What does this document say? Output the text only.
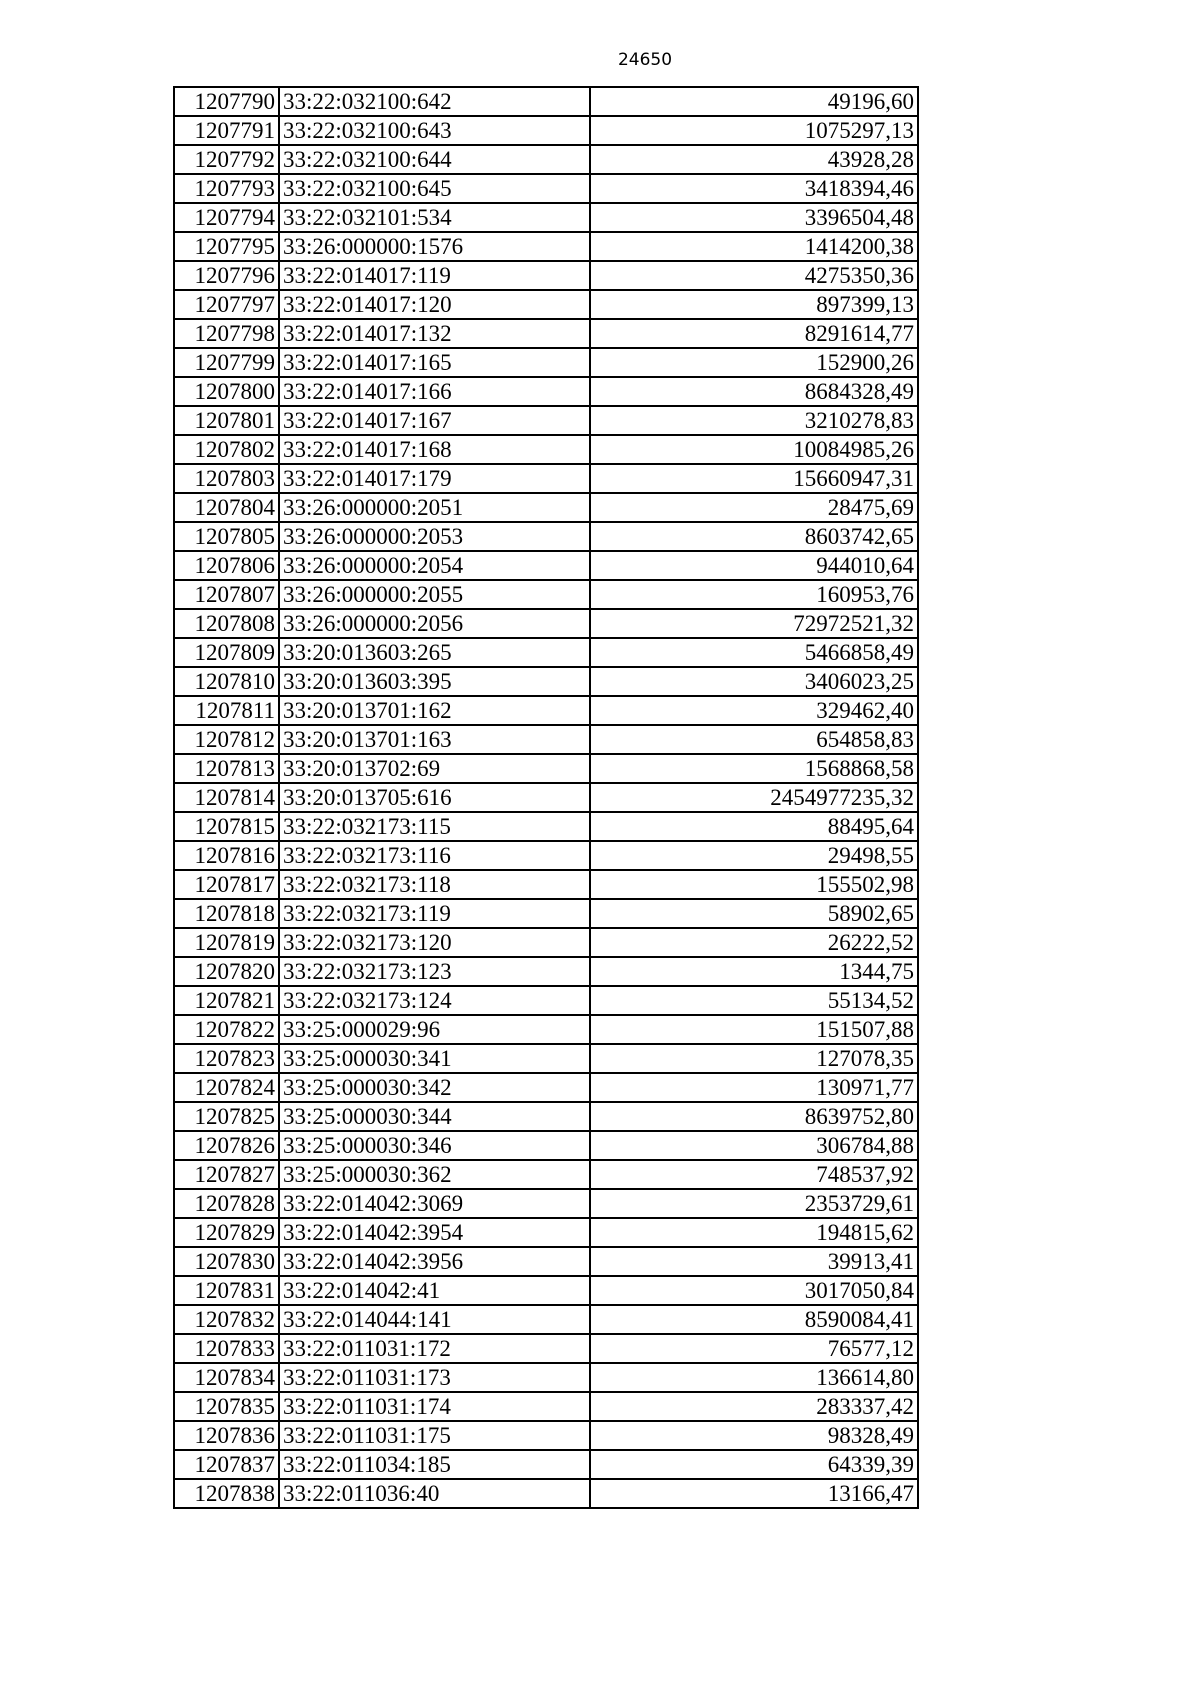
24650
1207790	33:22:032100:642	49196,60
1207791	33:22:032100:643	1075297,13
1207792	33:22:032100:644	43928,28
1207793	33:22:032100:645	3418394,46
1207794	33:22:032101:534	3396504,48
1207795	33:26:000000:1576	1414200,38
1207796	33:22:014017:119	4275350,36
1207797	33:22:014017:120	897399,13
1207798	33:22:014017:132	8291614,77
1207799	33:22:014017:165	152900,26
1207800	33:22:014017:166	8684328,49
1207801	33:22:014017:167	3210278,83
1207802	33:22:014017:168	10084985,26
1207803	33:22:014017:179	15660947,31
1207804	33:26:000000:2051	28475,69
1207805	33:26:000000:2053	8603742,65
1207806	33:26:000000:2054	944010,64
1207807	33:26:000000:2055	160953,76
1207808	33:26:000000:2056	72972521,32
1207809	33:20:013603:265	5466858,49
1207810	33:20:013603:395	3406023,25
1207811	33:20:013701:162	329462,40
1207812	33:20:013701:163	654858,83
1207813	33:20:013702:69	1568868,58
1207814	33:20:013705:616	2454977235,32
1207815	33:22:032173:115	88495,64
1207816	33:22:032173:116	29498,55
1207817	33:22:032173:118	155502,98
1207818	33:22:032173:119	58902,65
1207819	33:22:032173:120	26222,52
1207820	33:22:032173:123	1344,75
1207821	33:22:032173:124	55134,52
1207822	33:25:000029:96	151507,88
1207823	33:25:000030:341	127078,35
1207824	33:25:000030:342	130971,77
1207825	33:25:000030:344	8639752,80
1207826	33:25:000030:346	306784,88
1207827	33:25:000030:362	748537,92
1207828	33:22:014042:3069	2353729,61
1207829	33:22:014042:3954	194815,62
1207830	33:22:014042:3956	39913,41
1207831	33:22:014042:41	3017050,84
1207832	33:22:014044:141	8590084,41
1207833	33:22:011031:172	76577,12
1207834	33:22:011031:173	136614,80
1207835	33:22:011031:174	283337,42
1207836	33:22:011031:175	98328,49
1207837	33:22:011034:185	64339,39
1207838	33:22:011036:40	13166,47
